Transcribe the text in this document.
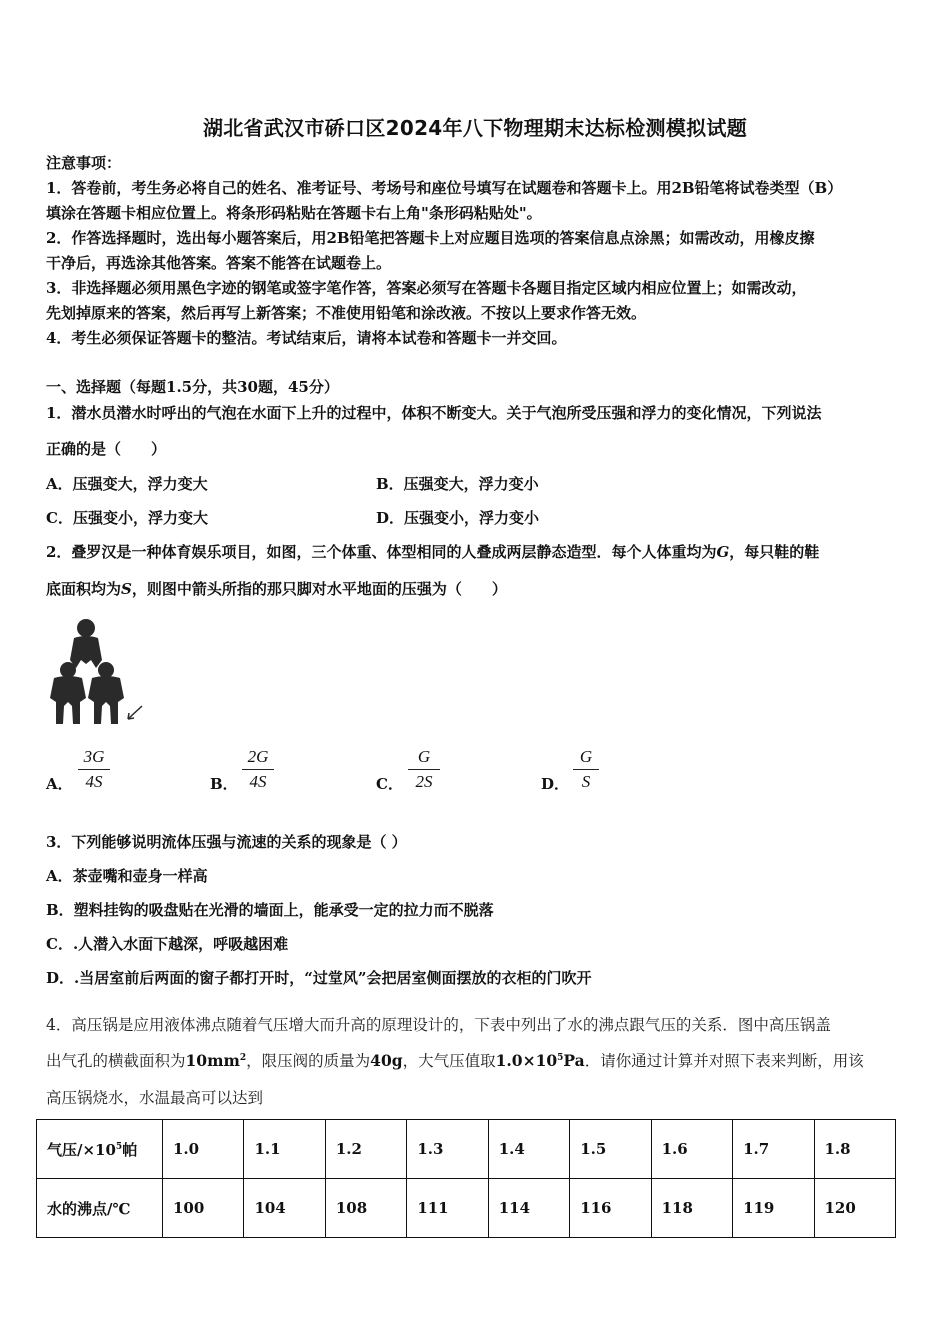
湖北省武汉市硚口区2024年八下物理期末达标检测模拟试题
注意事项：
1．答卷前，考生务必将自己的姓名、准考证号、考场号和座位号填写在试题卷和答题卡上。用2B铅笔将试卷类型（B）
填涂在答题卡相应位置上。将条形码粘贴在答题卡右上角"条形码粘贴处"。
2．作答选择题时，选出每小题答案后，用2B铅笔把答题卡上对应题目选项的答案信息点涂黑；如需改动，用橡皮擦
干净后，再选涂其他答案。答案不能答在试题卷上。
3．非选择题必须用黑色字迹的钢笔或签字笔作答，答案必须写在答题卡各题目指定区域内相应位置上；如需改动，
先划掉原来的答案，然后再写上新答案；不准使用铅笔和涂改液。不按以上要求作答无效。
4．考生必须保证答题卡的整洁。考试结束后，请将本试卷和答题卡一并交回。
一、选择题（每题1.5分，共30题，45分）
1．潜水员潜水时呼出的气泡在水面下上升的过程中，体积不断变大。关于气泡所受压强和浮力的变化情况，下列说法
正确的是（　　）
A．压强变大，浮力变大	B．压强变大，浮力变小
C．压强变小，浮力变大	D．压强变小，浮力变小
2．叠罗汉是一种体育娱乐项目，如图，三个体重、体型相同的人叠成两层静态造型．每个人体重均为G，每只鞋的鞋
底面积均为S，则图中箭头所指的那只脚对水平地面的压强为（　　）
A．
3G
4S	B．
2G
4S	C．
G
2S	D．
G
S
3．下列能够说明流体压强与流速的关系的现象是（ ）
A．茶壶嘴和壶身一样高
B．塑料挂钩的吸盘贴在光滑的墙面上，能承受一定的拉力而不脱落
C．.人潜入水面下越深，呼吸越困难
D．.当居室前后两面的窗子都打开时，“过堂风”会把居室侧面摆放的衣柜的门吹开
4．高压锅是应用液体沸点随着气压增大而升高的原理设计的，下表中列出了水的沸点跟气压的关系．图中高压锅盖
出气孔的横截面积为$10mm^2$，限压阀的质量为40g，大气压值取$1.0\times 10^5Pa$．请你通过计算并对照下表来判断，用该
高压锅烧水，水温最高可以达到
气压$/\times 10^5$帕	1.0	1.1	1.2	1.3	1.4	1.5	1.6	1.7	1.8
水的沸点/℃	100	104	108	111	114	116	118	119	120
